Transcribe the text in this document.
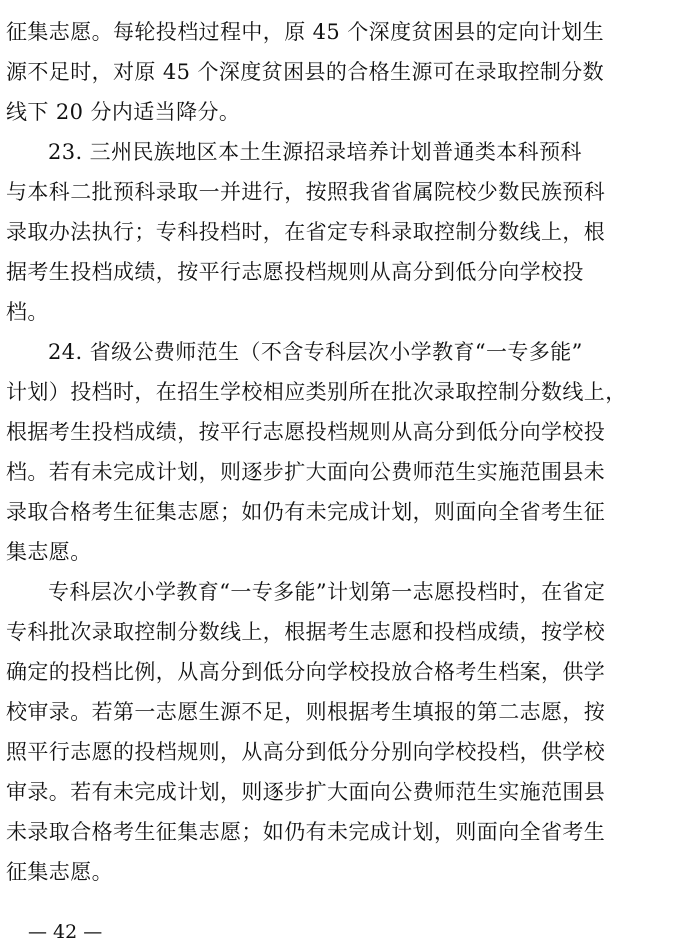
征集志愿。每轮投档过程中，原 45 个深度贫困县的定向计划生
源不足时，对原 45 个深度贫困县的合格生源可在录取控制分数
线下 20 分内适当降分。
23. 三州民族地区本土生源招录培养计划普通类本科预科
与本科二批预科录取一并进行，按照我省省属院校少数民族预科
录取办法执行；专科投档时，在省定专科录取控制分数线上，根
据考生投档成绩，按平行志愿投档规则从高分到低分向学校投
档。
24. 省级公费师范生（不含专科层次小学教育“一专多能”
计划）投档时，在招生学校相应类别所在批次录取控制分数线上，
根据考生投档成绩，按平行志愿投档规则从高分到低分向学校投
档。若有未完成计划，则逐步扩大面向公费师范生实施范围县未
录取合格考生征集志愿；如仍有未完成计划，则面向全省考生征
集志愿。
专科层次小学教育“一专多能”计划第一志愿投档时，在省定
专科批次录取控制分数线上，根据考生志愿和投档成绩，按学校
确定的投档比例，从高分到低分向学校投放合格考生档案，供学
校审录。若第一志愿生源不足，则根据考生填报的第二志愿，按
照平行志愿的投档规则，从高分到低分分别向学校投档，供学校
审录。若有未完成计划，则逐步扩大面向公费师范生实施范围县
未录取合格考生征集志愿；如仍有未完成计划，则面向全省考生
征集志愿。
— 42 —
